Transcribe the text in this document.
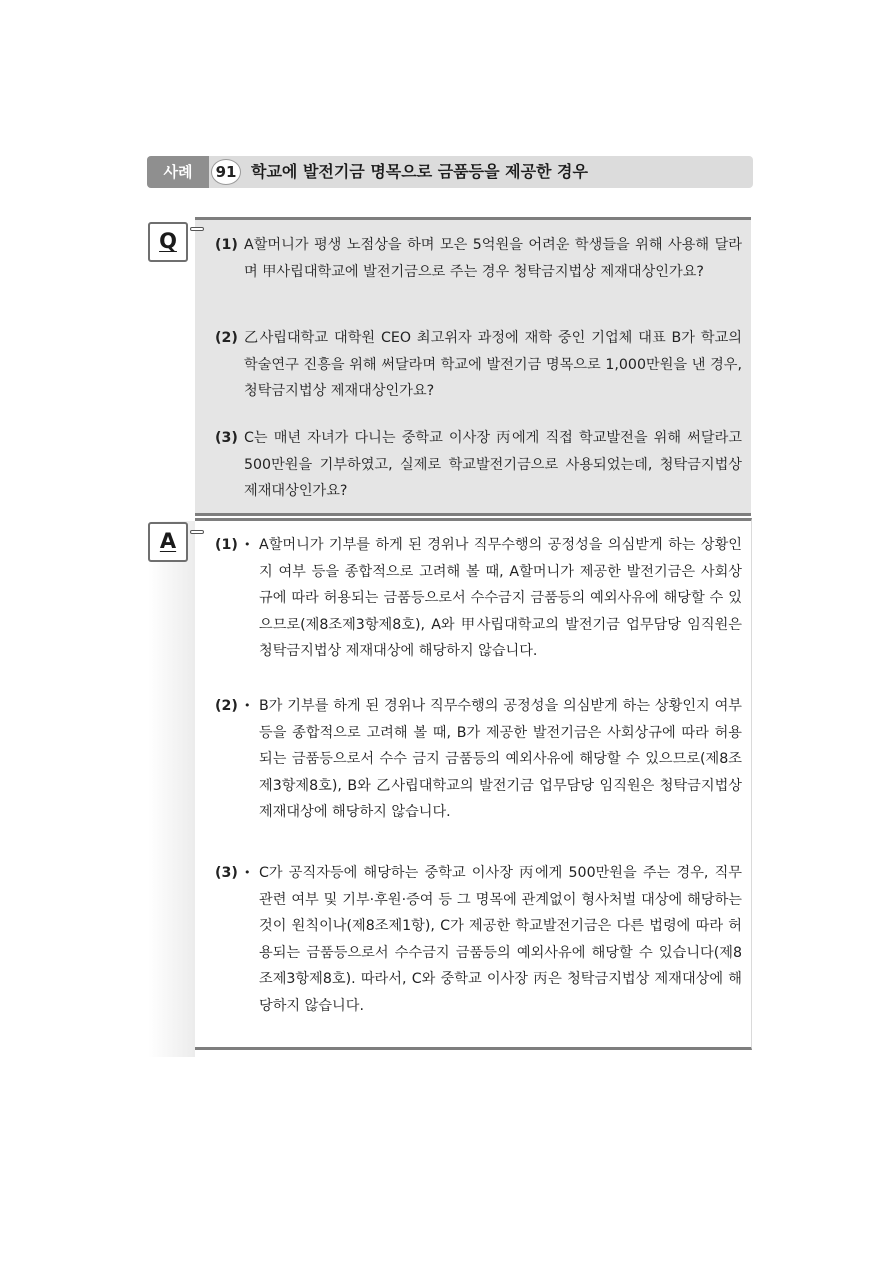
사례	91 학교에 발전기금 명목으로 금품등을 제공한 경우
Q	(1) A할머니가 평생 노점상을 하며 모은 5억원을 어려운 학생들을 위해 사용해 달라며 甲사립대학교에 발전기금으로 주는 경우 청탁금지법상 제재대상인가요?
(2) 乙사립대학교 대학원 CEO 최고위자 과정에 재학 중인 기업체 대표 B가 학교의 학술연구 진흥을 위해 써달라며 학교에 발전기금 명목으로 1,000만원을 낸 경우, 청탁금지법상 제재대상인가요?
(3) C는 매년 자녀가 다니는 중학교 이사장 丙에게 직접 학교발전을 위해 써달라고 500만원을 기부하였고, 실제로 학교발전기금으로 사용되었는데, 청탁금지법상 제재대상인가요?
A	(1) • A할머니가 기부를 하게 된 경위나 직무수행의 공정성을 의심받게 하는 상황인지 여부 등을 종합적으로 고려해 볼 때, A할머니가 제공한 발전기금은 사회상규에 따라 허용되는 금품등으로서 수수금지 금품등의 예외사유에 해당할 수 있으므로(제8조제3항제8호), A와 甲사립대학교의 발전기금 업무담당 임직원은 청탁금지법상 제재대상에 해당하지 않습니다.
(2) • B가 기부를 하게 된 경위나 직무수행의 공정성을 의심받게 하는 상황인지 여부 등을 종합적으로 고려해 볼 때, B가 제공한 발전기금은 사회상규에 따라 허용되는 금품등으로서 수수 금지 금품등의 예외사유에 해당할 수 있으므로(제8조제3항제8호), B와 乙사립대학교의 발전기금 업무담당 임직원은 청탁금지법상 제재대상에 해당하지 않습니다.
(3) • C가 공직자등에 해당하는 중학교 이사장 丙에게 500만원을 주는 경우, 직무 관련 여부 및 기부·후원·증여 등 그 명목에 관계없이 형사처벌 대상에 해당하는 것이 원칙이나(제8조제1항), C가 제공한 학교발전기금은 다른 법령에 따라 허용되는 금품등으로서 수수금지 금품등의 예외사유에 해당할 수 있습니다(제8조제3항제8호). 따라서, C와 중학교 이사장 丙은 청탁금지법상 제재대상에 해당하지 않습니다.
